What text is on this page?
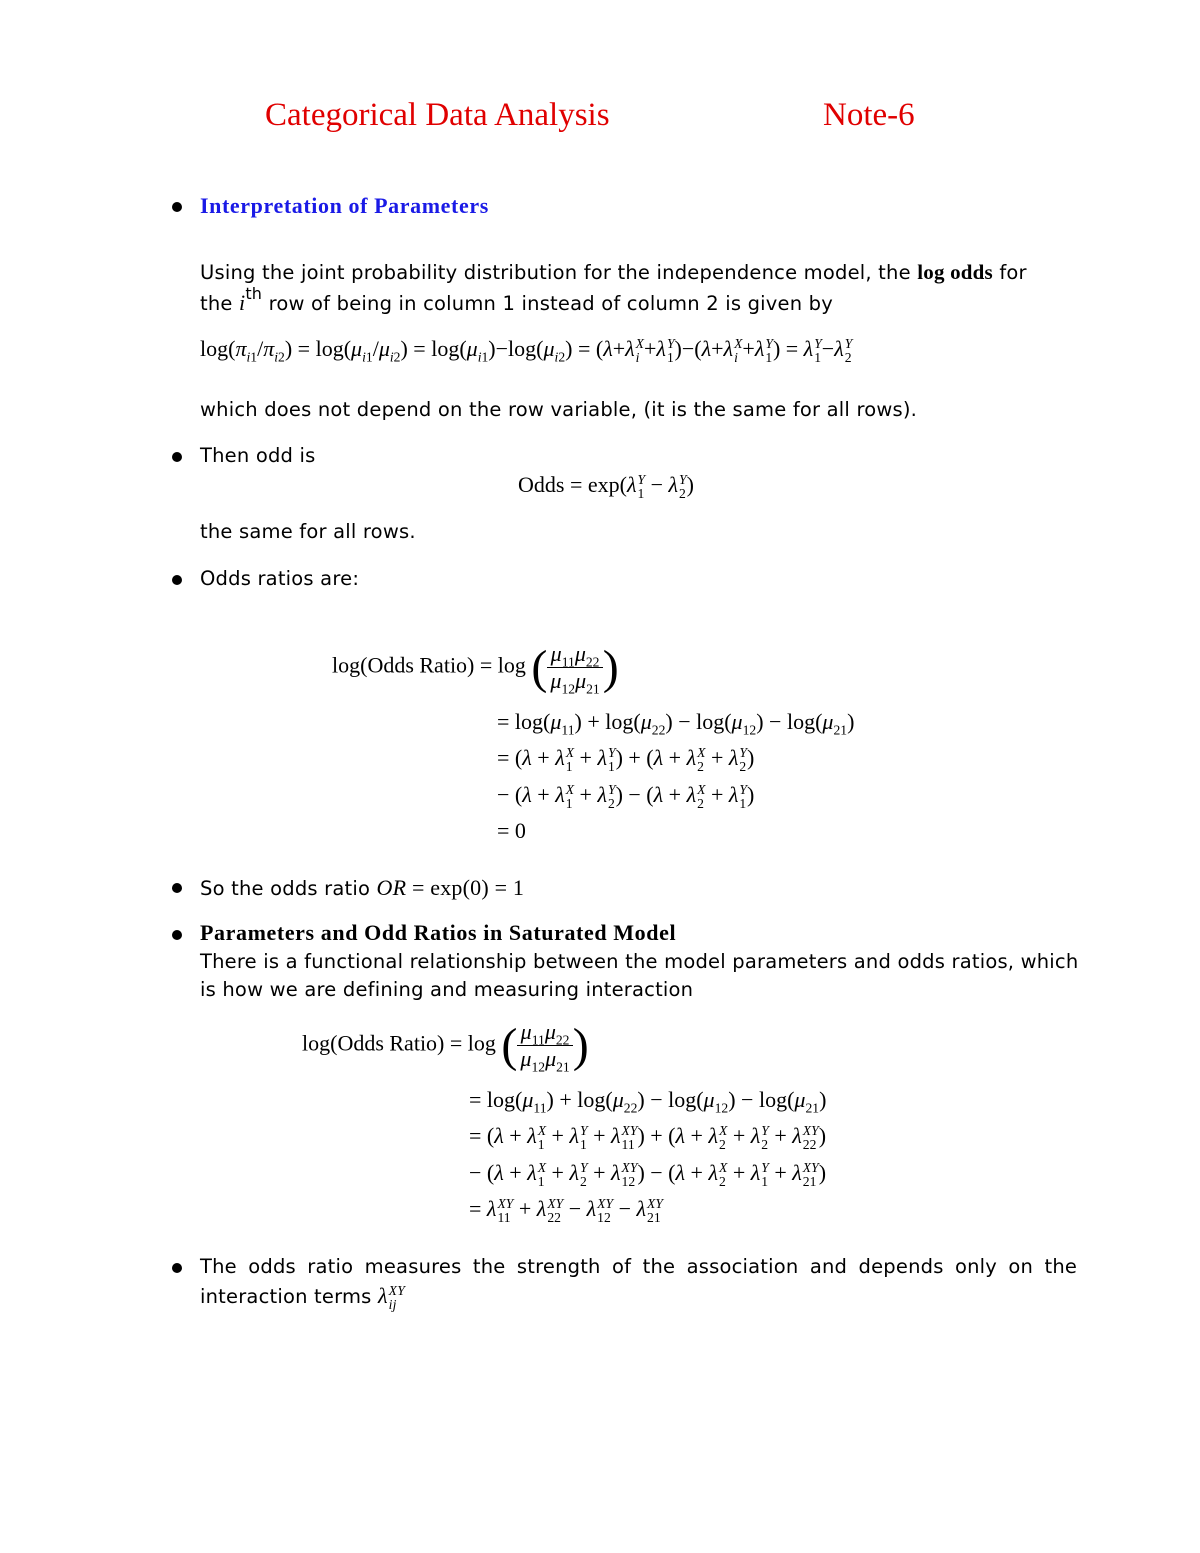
Categorical Data Analysis	Note-6
Interpretation of Parameters
Using the joint probability distribution for the independence model, the log odds for
the $i^{th}$ row of being in column 1 instead of column 2 is given by
$\log(\pi_{i1}/\pi_{i2}) = \log(\mu_{i1}/\mu_{i2}) = \log(\mu_{i1})-\log(\mu_{i2}) = (\lambda+\lambda$ X
i +λ Y
1 )−(λ+λ X
i +λ Y
1 ) = λ Y
1 −λ Y
2
which does not depend on the row variable, (it is the same for all rows).
Then odd is
Odds = exp(λ Y
1 − λ Y
2 )
the same for all rows.
Odds ratios are:
log(Odds Ratio) = log ( $\frac{\mu_{11}\mu_{22}}{\mu_{12}\mu_{21}}$ )
= $\log(\mu_{11}) + \log(\mu_{22}) - \log(\mu_{12}) - \log(\mu_{21})$
= (λ + λ X
1 + λ Y
1 ) + (λ + λ X
2 + λ Y
2 )
− (λ + λ X
1 + λ Y
2 ) − (λ + λ X
2 + λ Y
1 )
= 0
So the odds ratio OR = exp(0) = 1
Parameters and Odd Ratios in Saturated Model
There is a functional relationship between the model parameters and odds ratios, which
is how we are defining and measuring interaction
log(Odds Ratio) = log ( $\frac{\mu_{11}\mu_{22}}{\mu_{12}\mu_{21}}$ )
= $\log(\mu_{11}) + \log(\mu_{22}) - \log(\mu_{12}) - \log(\mu_{21})$
= (λ + λ X
1 + λ Y
1 + λ XY
11 ) + (λ + λ X
2 + λ Y
2 + λ XY
22 )
− (λ + λ X
1 + λ Y
2 + λ XY
12 ) − (λ + λ X
2 + λ Y
1 + λ XY
21 )
= λ XY
11 + λ XY
22 − λ XY
12 − λ XY
21
The odds ratio measures the strength of the association and depends only on the
interaction terms λ XY
ij
